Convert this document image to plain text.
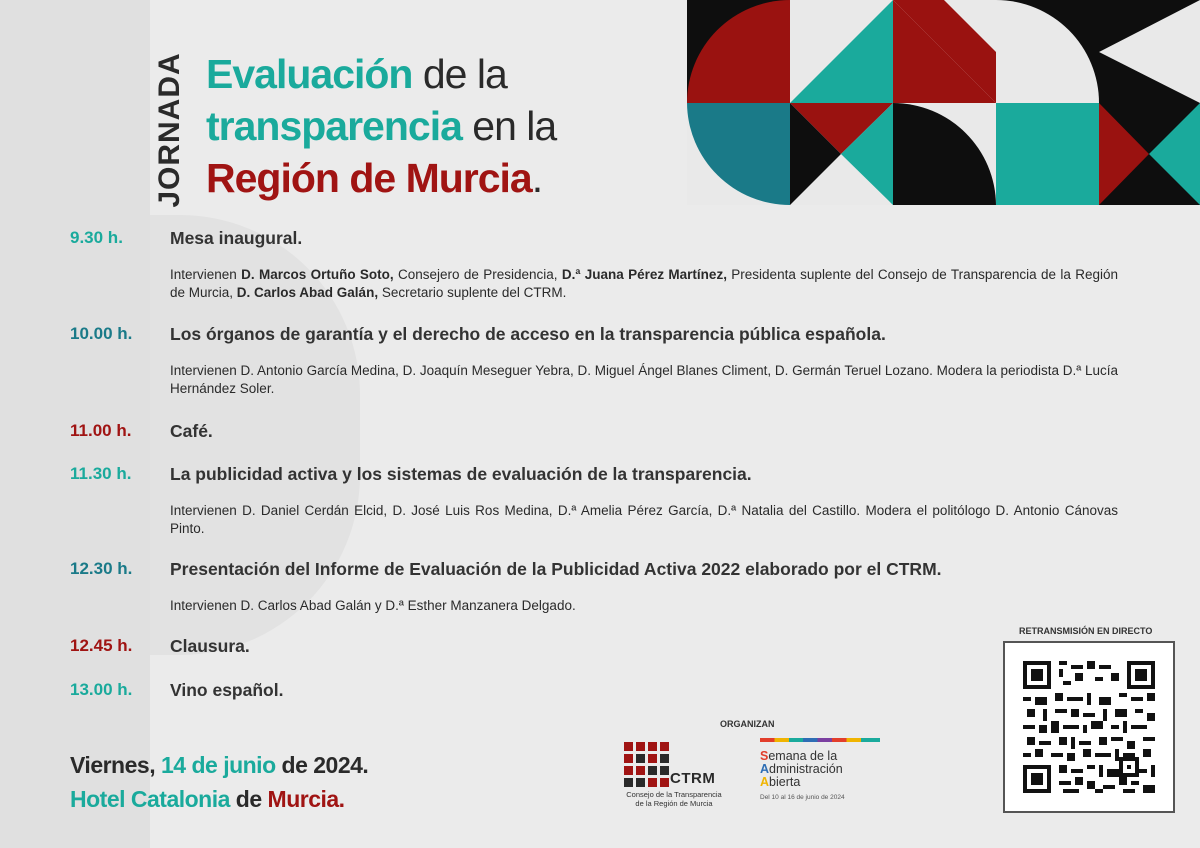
JORNADA Evaluación de la
transparencia en la
Región de Murcia.
9.30 h.	Mesa inaugural.
Intervienen D. Marcos Ortuño Soto, Consejero de Presidencia, D.ª Juana Pérez Martínez, Presidenta suplente del Consejo de Transparencia de la Región de Murcia, D. Carlos Abad Galán, Secretario suplente del CTRM.
10.00 h. Los órganos de garantía y el derecho de acceso en la transparencia pública española.
Intervienen D. Antonio García Medina, D. Joaquín Meseguer Yebra, D. Miguel Ángel Blanes Climent, D. Germán Teruel Lozano. Modera la periodista D.ª Lucía Hernández Soler.
11.00 h. Café.
11.30 h. La publicidad activa y los sistemas de evaluación de la transparencia.
Intervienen D. Daniel Cerdán Elcid, D. José Luis Ros Medina, D.ª Amelia Pérez García, D.ª Natalia del Castillo. Modera el politólogo D. Antonio Cánovas Pinto.
12.30 h. Presentación del Informe de Evaluación de la Publicidad Activa 2022 elaborado por el CTRM.
Intervienen D. Carlos Abad Galán y D.ª Esther Manzanera Delgado.
12.45 h. Clausura.
13.00 h. Vino español.
Viernes, 14 de junio de 2024.
Hotel Catalonia de Murcia.
ORGANIZAN
CTRM
Consejo de la Transparencia
de la Región de Murcia
Semana de la
Administración
Abierta
Del 10 al 16 de junio de 2024
RETRANSMISIÓN EN DIRECTO
